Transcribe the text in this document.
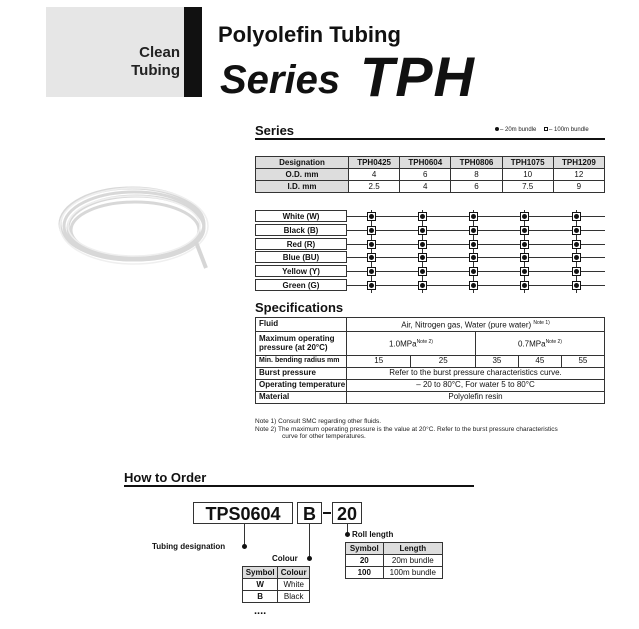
Clean
Tubing
Polyolefin Tubing
Series TPH
Series	– 20m bundle – 100m bundle
Designation	TPH0425	TPH0604	TPH0806	TPH1075	TPH1209
O.D. mm	4	6	8	10	12
I.D. mm	2.5	4	6	7.5	9
White (W)
Black (B)
Red (R)
Blue (BU)
Yellow (Y)
Green (G)
Specifications
Fluid	Air, Nitrogen gas, Water (pure water) $^{Note 1)}$

Maximum operating
pressure (at 20°C)	1.0MPa$^{Note 2)}$		0.7MPa$^{Note 2)}$
Min. bending radius mm	15	25	35	45	55
Burst pressure	Refer to the burst pressure characteristics curve.				
Operating temperature	– 20 to 80°C, For water 5 to 80°C				
Material	Polyolefin resin				
Note 1) Consult SMC regarding other fluids.
Note 2) The maximum operating pressure is the value at 20°C. Refer to the burst pressure characteristics
curve for other temperatures.
How to Order
TPS0604	B	20
Tubing designation
Colour
Roll length
Symbol	Colour
W	White
B	Black
....
Symbol	Length
20	20m bundle
100	100m bundle
